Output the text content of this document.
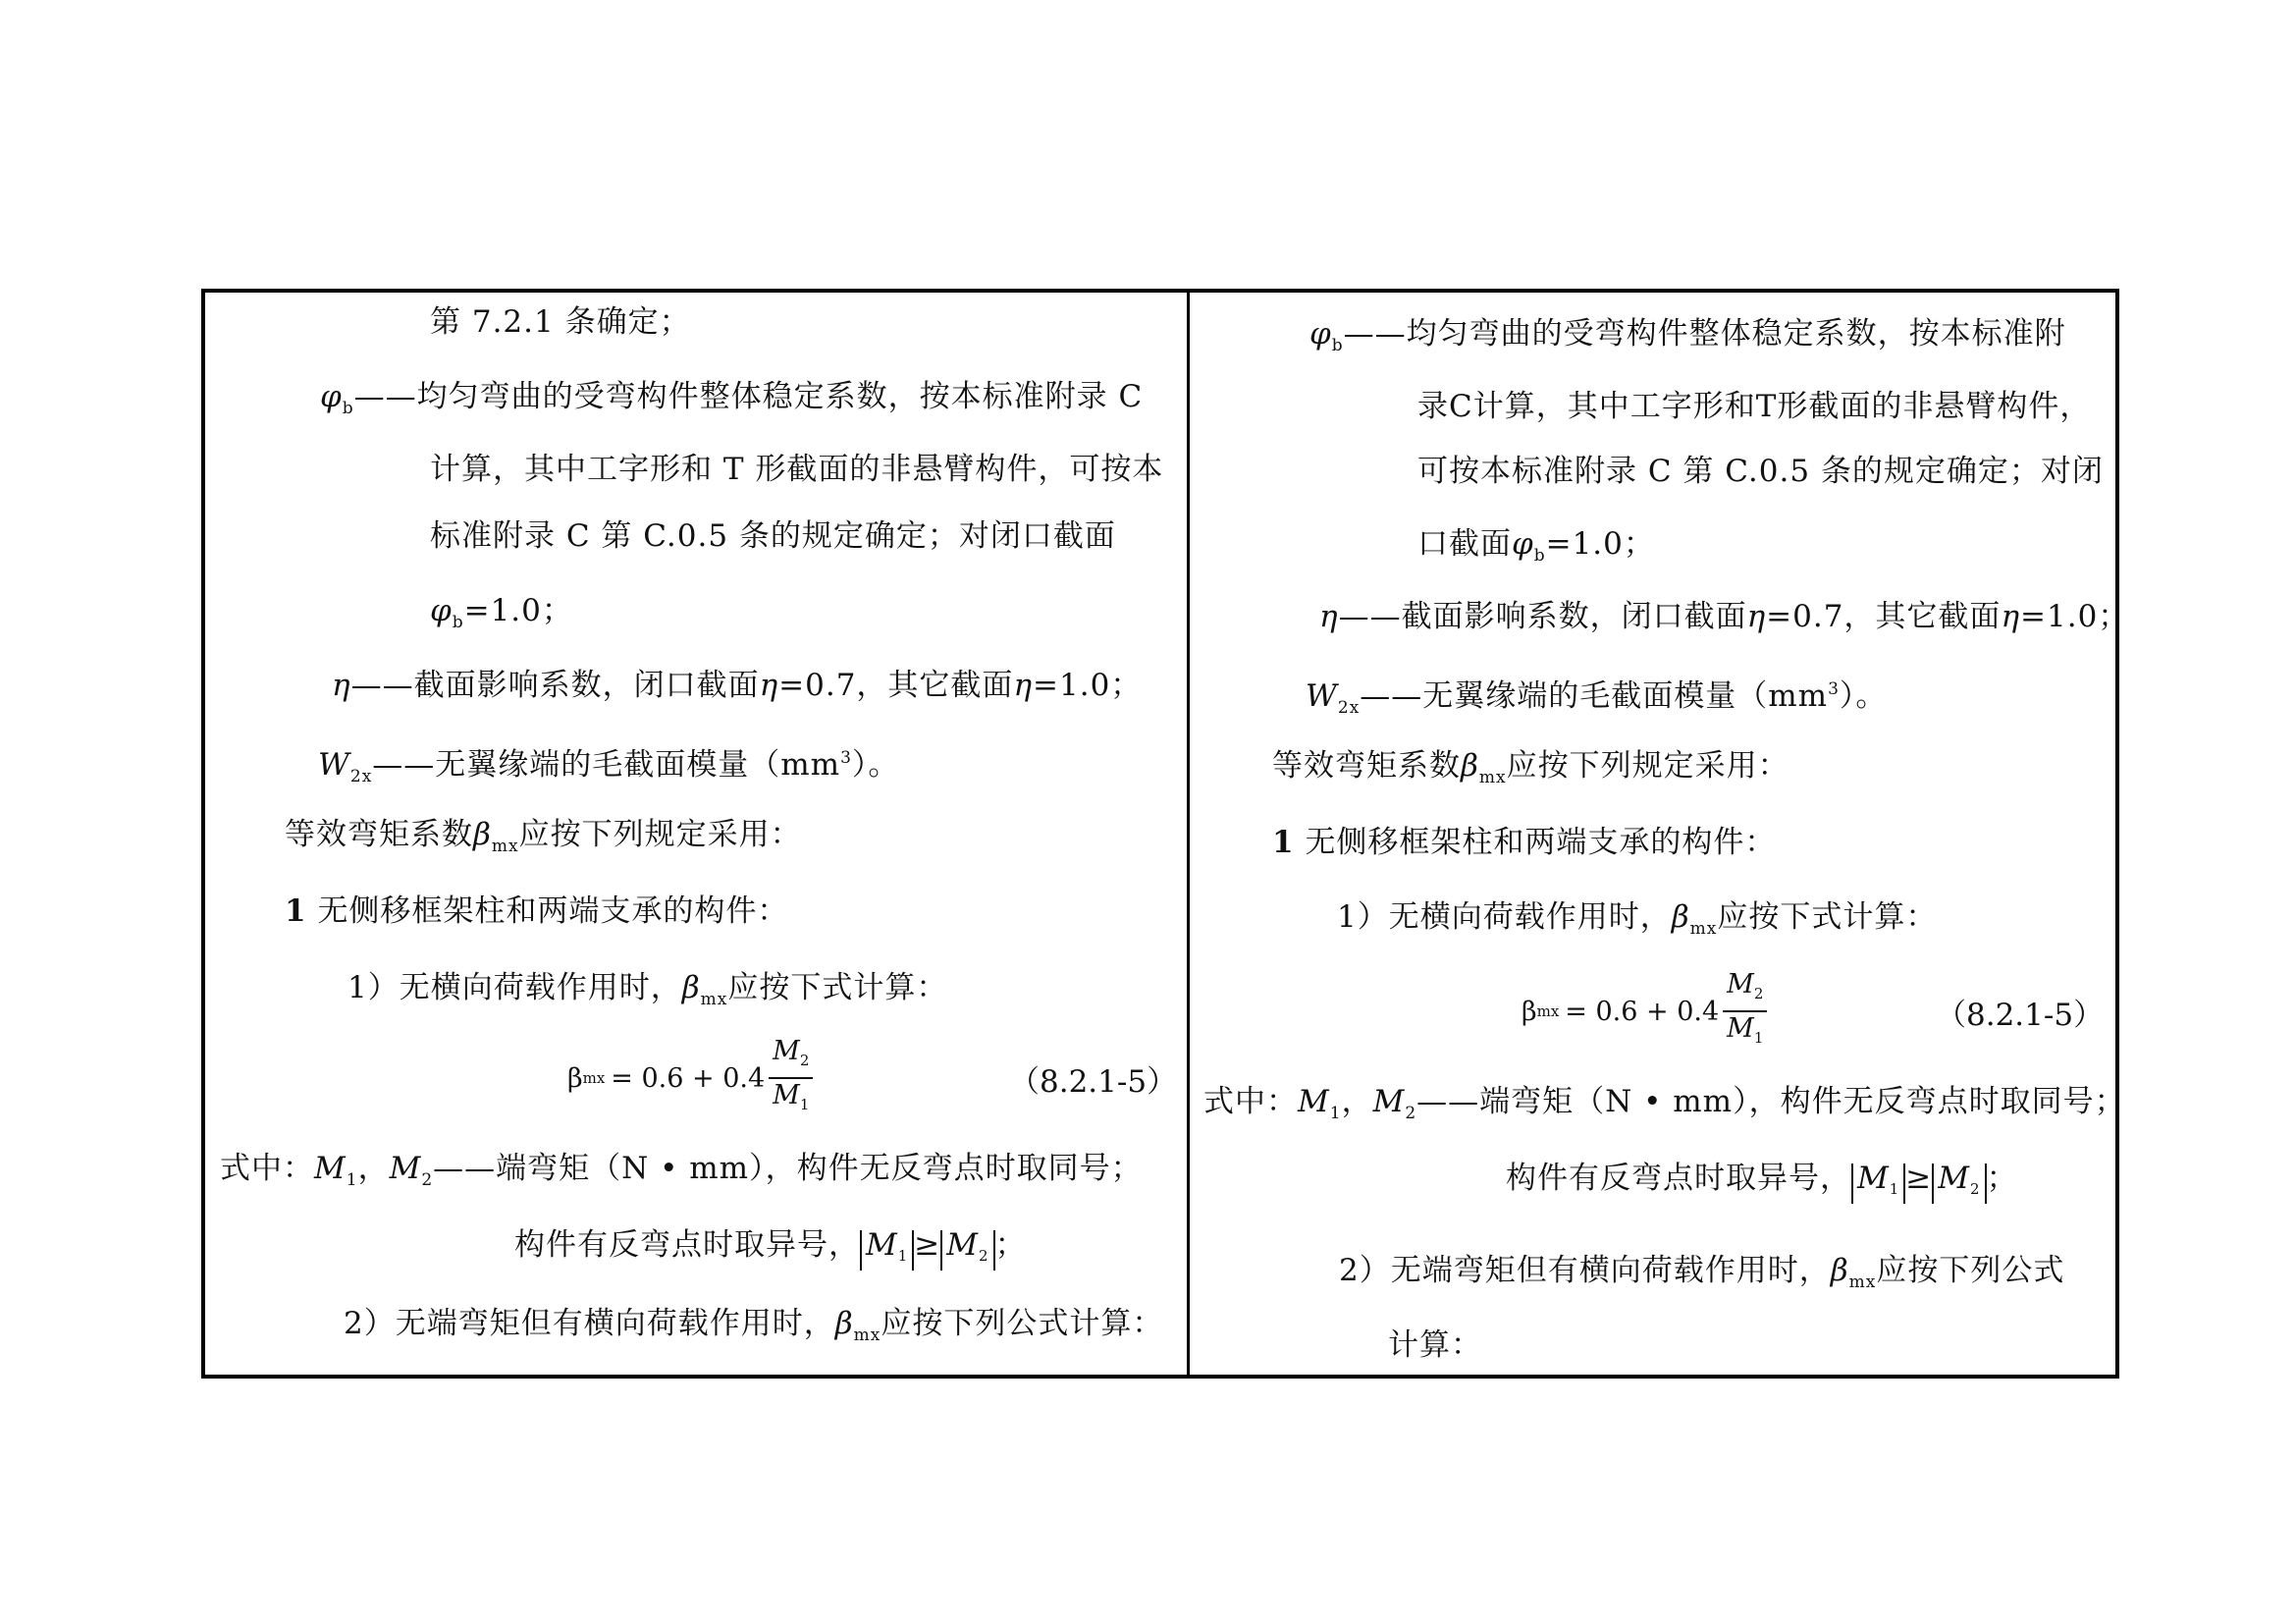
第 7.2.1 条确定；
$\varphi_b——$均匀弯曲的受弯构件整体稳定系数，按本标准附录 C
计算，其中工字形和 T 形截面的非悬臂构件，可按本
标准附录 C 第 C.0.5 条的规定确定；对闭口截面
$\varphi_b=1.0$；
η——截面影响系数，闭口截面η=0.7，其它截面η=1.0；
$W_{2x}——$无翼缘端的毛截面模量$(mm^3)$。
等效弯矩系数$\beta_{mx}$应按下列规定采用：
1 无侧移框架柱和两端支承的构件：
1）无横向荷载作用时，$\beta_{mx}$应按下式计算：
β mx = $0.6 + 0.4 \frac{M_2}{M_1}$	（8.2.1-5）
式中：$M_1$，$M_2——$端弯矩（N • mm），构件无反弯点时取同号；
构件有反弯点时取异号， $M_1 \ge M_2$ ；
2）无端弯矩但有横向荷载作用时，$\beta_{mx}$应按下列公式计算：
$\varphi_b——$均匀弯曲的受弯构件整体稳定系数，按本标准附
录C计算，其中工字形和T形截面的非悬臂构件，
可按本标准附录 C 第 C.0.5 条的规定确定；对闭
口截面$\varphi_b=1.0$；
η——截面影响系数，闭口截面η=0.7，其它截面η=1.0；
$W_{2x}——$无翼缘端的毛截面模量$(mm^3)$。
等效弯矩系数$\beta_{mx}$应按下列规定采用：
1 无侧移框架柱和两端支承的构件：
1）无横向荷载作用时，$\beta_{mx}$应按下式计算：
β mx = $0.6 + 0.4 \frac{M_2}{M_1}$	（8.2.1-5）
式中：$M_1$，$M_2——$端弯矩（N • mm），构件无反弯点时取同号；
构件有反弯点时取异号， $M_1 \ge M_2$ ；
2）无端弯矩但有横向荷载作用时，$\beta_{mx}$应按下列公式
计算：
